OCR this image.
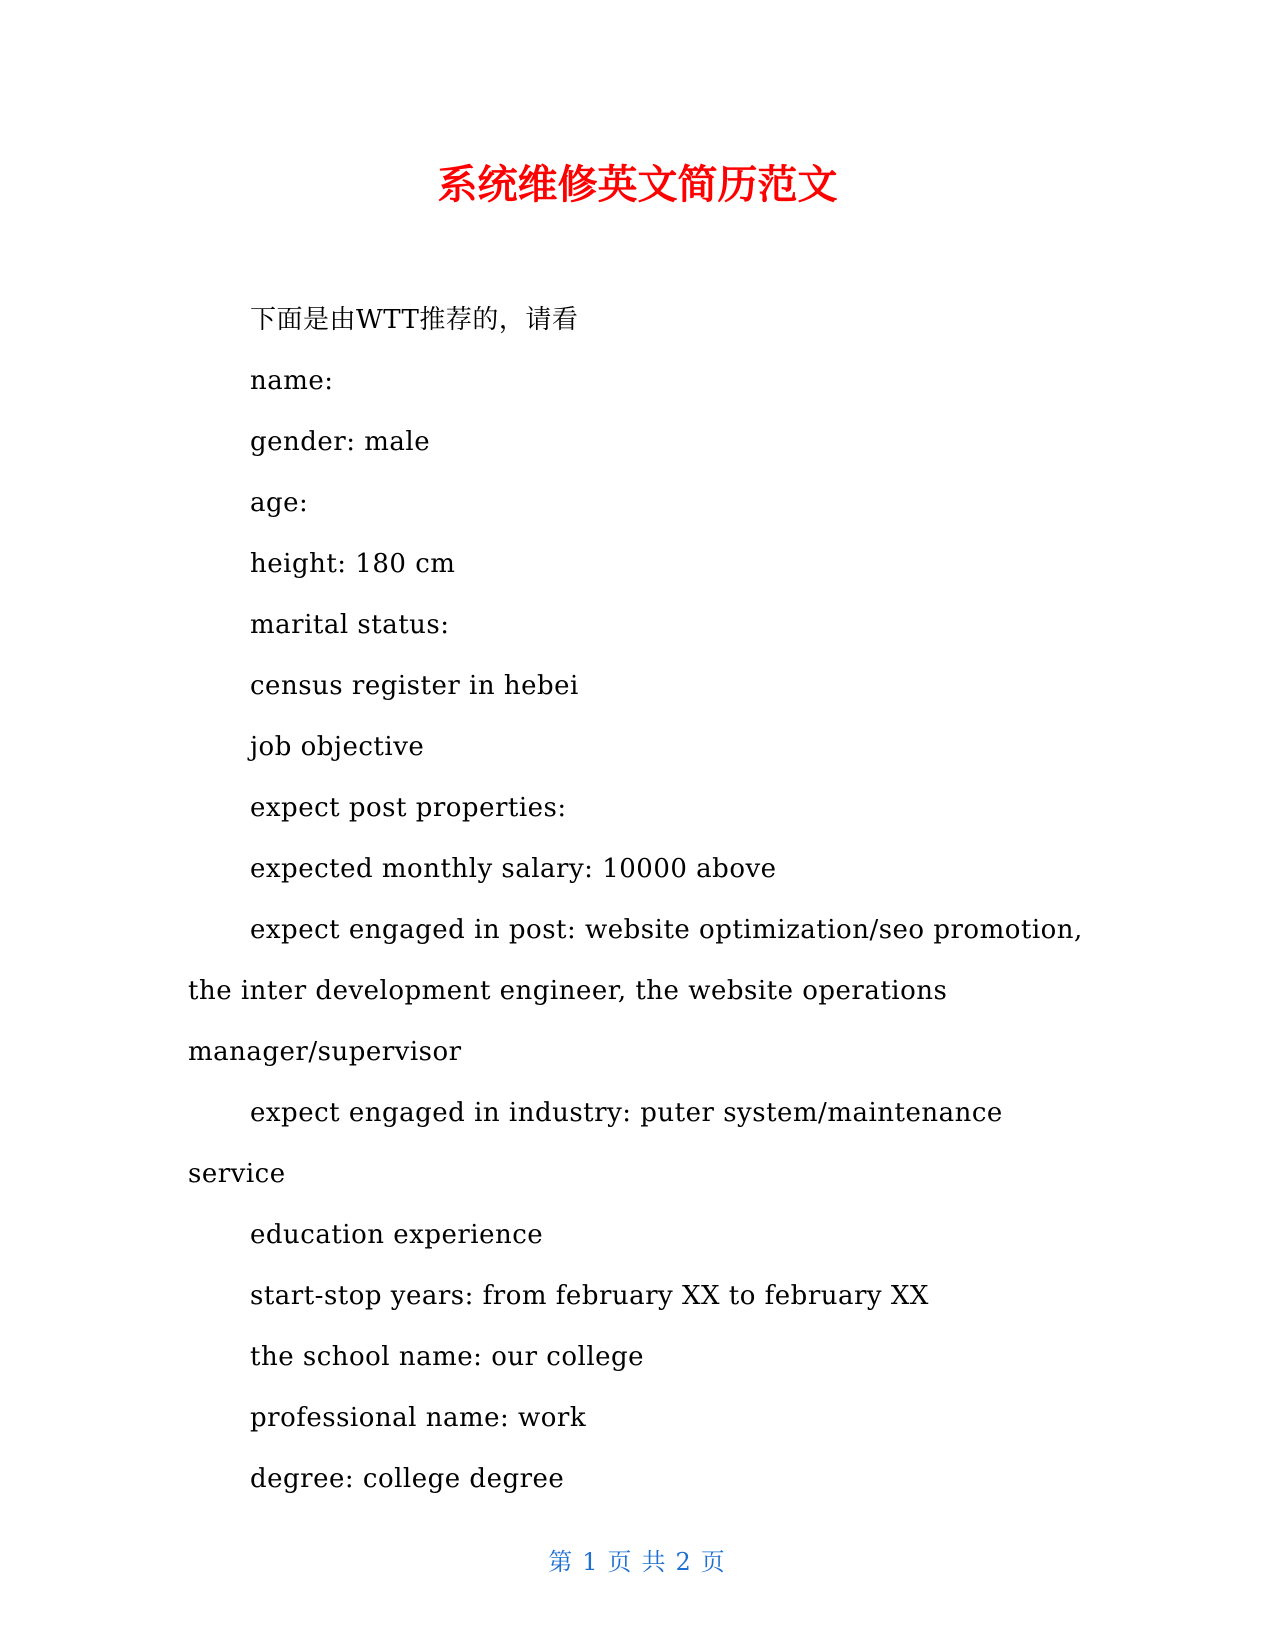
系统维修英文简历范文

下面是由WTT推荐的，请看

name:

gender: male

age:

height: 180 cm

marital status:

census register in hebei

job objective

expect post properties:

expected monthly salary: 10000 above

expect engaged in post: website optimization/seo promotion, the inter development engineer, the website operations manager/supervisor

expect engaged in industry: puter system/maintenance service

education experience

start-stop years: from february XX to february XX

the school name: our college

professional name: work

degree: college degree

第 1 页 共 2 页
